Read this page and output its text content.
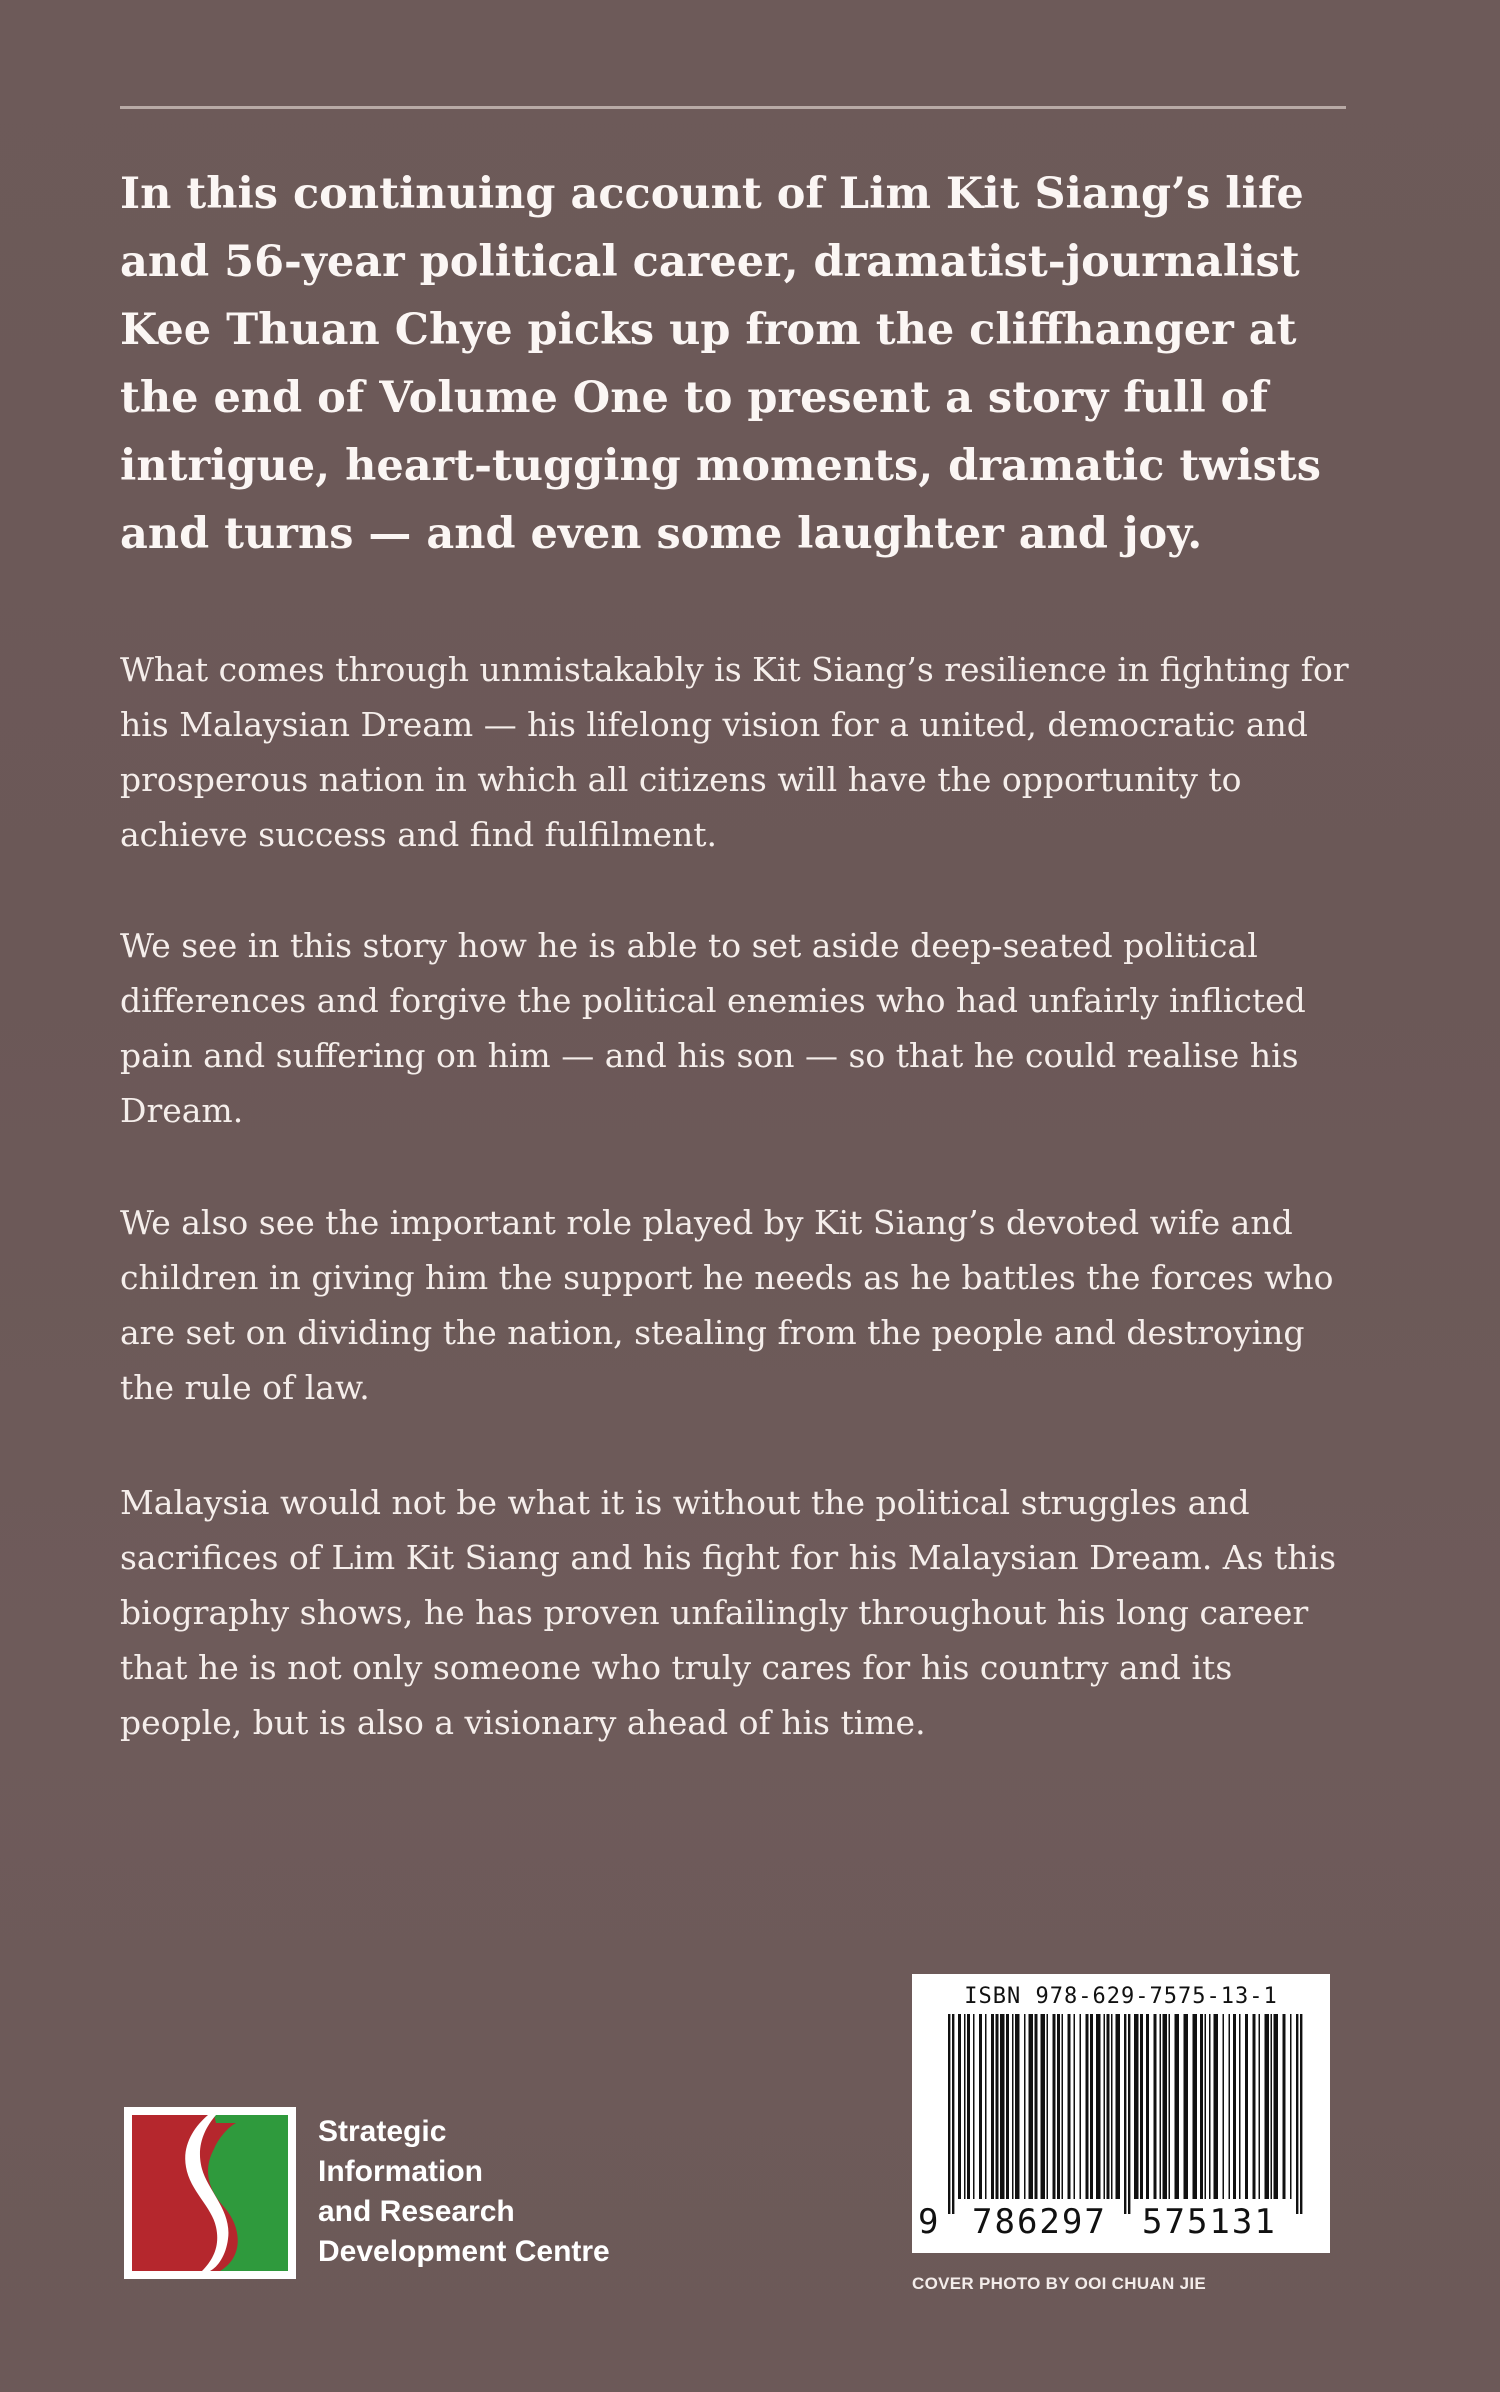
In this continuing account of Lim Kit Siang’s life and 56-year political career, dramatist-journalist Kee Thuan Chye picks up from the cliffhanger at the end of Volume One to present a story full of intrigue, heart-tugging moments, dramatic twists and turns — and even some laughter and joy.
What comes through unmistakably is Kit Siang’s resilience in fighting for his Malaysian Dream — his lifelong vision for a united, democratic and prosperous nation in which all citizens will have the opportunity to achieve success and find fulfilment.
We see in this story how he is able to set aside deep-seated political differences and forgive the political enemies who had unfairly inflicted pain and suffering on him — and his son — so that he could realise his Dream.
We also see the important role played by Kit Siang’s devoted wife and children in giving him the support he needs as he battles the forces who are set on dividing the nation, stealing from the people and destroying the rule of law.
Malaysia would not be what it is without the political struggles and sacrifices of Lim Kit Siang and his fight for his Malaysian Dream. As this biography shows, he has proven unfailingly throughout his long career that he is not only someone who truly cares for his country and its people, but is also a visionary ahead of his time.
Strategic
Information
and Research
Development Centre
ISBN 978-629-7575-13-1
9 786297 575131
COVER PHOTO BY OOI CHUAN JIE
